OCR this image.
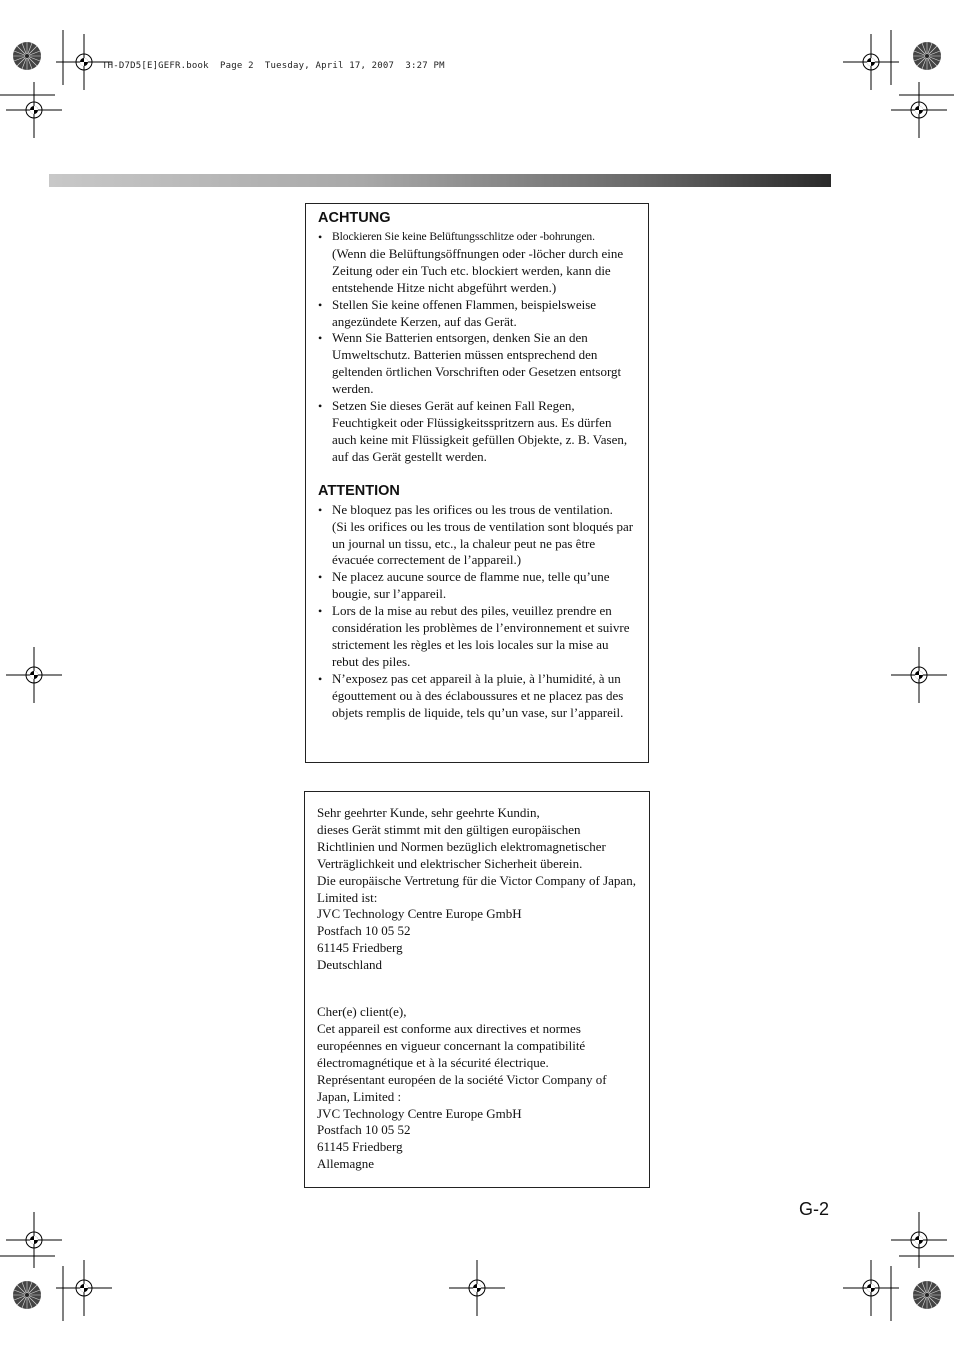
TH-D7D5[E]GEFR.book  Page 2  Tuesday, April 17, 2007  3:27 PM
ACHTUNG
• Blockieren Sie keine Belüftungsschlitze oder -bohrungen.
(Wenn die Belüftungsöffnungen oder -löcher durch eine Zeitung oder ein Tuch etc. blockiert werden, kann die entstehende Hitze nicht abgeführt werden.)
• Stellen Sie keine offenen Flammen, beispielsweise angezündete Kerzen, auf das Gerät.
• Wenn Sie Batterien entsorgen, denken Sie an den Umweltschutz. Batterien müssen entsprechend den geltenden örtlichen Vorschriften oder Gesetzen entsorgt werden.
• Setzen Sie dieses Gerät auf keinen Fall Regen, Feuchtigkeit oder Flüssigkeitsspritzern aus. Es dürfen auch keine mit Flüssigkeit gefüllen Objekte, z. B. Vasen, auf das Gerät gestellt werden.
ATTENTION
• Ne bloquez pas les orifices ou les trous de ventilation.
(Si les orifices ou les trous de ventilation sont bloqués par un journal un tissu, etc., la chaleur peut ne pas être évacuée correctement de l’appareil.)
• Ne placez aucune source de flamme nue, telle qu’une bougie, sur l’appareil.
• Lors de la mise au rebut des piles, veuillez prendre en considération les problèmes de l’environnement et suivre strictement les règles et les lois locales sur la mise au rebut des piles.
• N’exposez pas cet appareil à la pluie, à l’humidité, à un égouttement ou à des éclaboussures et ne placez pas des objets remplis de liquide, tels qu’un vase, sur l’appareil.

Sehr geehrter Kunde, sehr geehrte Kundin,

dieses Gerät stimmt mit den gültigen europäischen Richtlinien und Normen bezüglich elektromagnetischer Verträglichkeit und elektrischer Sicherheit überein.

Die europäische Vertretung für die Victor Company of Japan, Limited ist:

JVC Technology Centre Europe GmbH

Postfach 10 05 52

61145 Friedberg

Deutschland

Cher(e) client(e),

Cet appareil est conforme aux directives et normes européennes en vigueur concernant la compatibilité électromagnétique et à la sécurité électrique.

Représentant européen de la société Victor Company of Japan, Limited :

JVC Technology Centre Europe GmbH

Postfach 10 05 52

61145 Friedberg

Allemagne

G-2
